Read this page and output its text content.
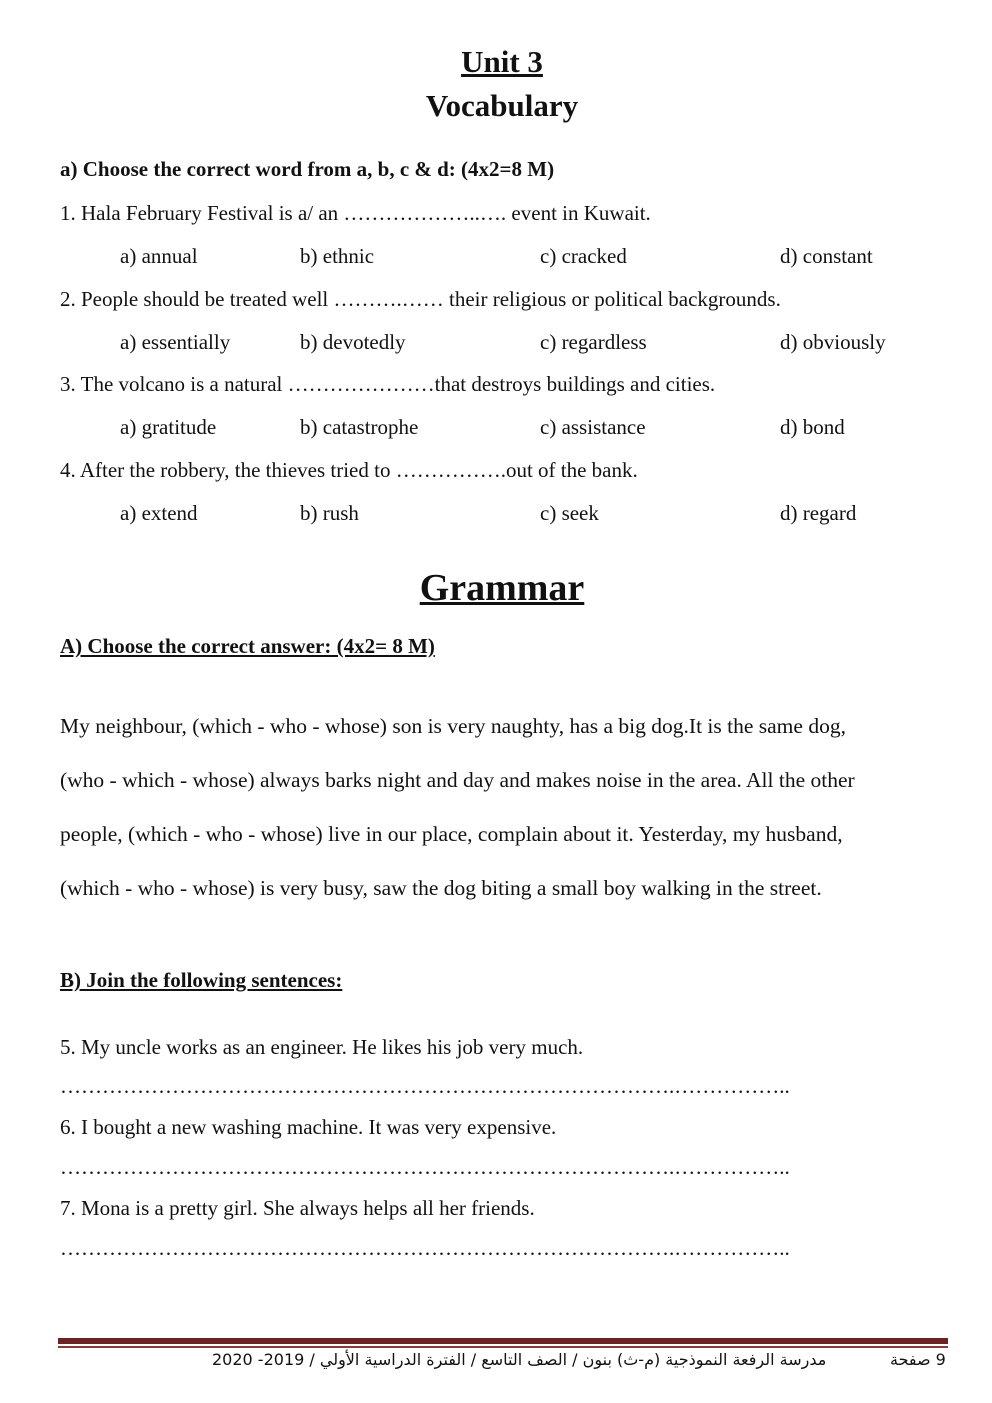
Unit 3
Vocabulary
a) Choose the correct word from a, b, c & d: (4x2=8 M)
1. Hala February Festival is a/ an ………………..…. event in Kuwait.
a) annual	b) ethnic	c) cracked	d) constant
2. People should be treated well ……….…… their religious or political backgrounds.
a) essentially	b) devotedly	c) regardless	d) obviously
3. The volcano is a natural …………………that destroys buildings and cities.
a) gratitude	b) catastrophe	c) assistance	d) bond
4. After the robbery, the thieves tried to …………….out of the bank.
a) extend	b) rush	c) seek	d) regard
Grammar
A) Choose the correct answer: (4x2= 8 M)
My neighbour, (which - who - whose) son is very naughty, has a big dog.It is the same dog,
(who - which - whose) always barks night and day and makes noise in the area. All the other
people, (which - who - whose) live in our place, complain about it. Yesterday, my husband,
(which - who - whose) is very busy, saw the dog biting a small boy walking in the street.
B) Join the following sentences:
5. My uncle works as an engineer. He likes his job very much.
…………………………………………………………………………….……………..
6. I bought a new washing machine. It was very expensive.
…………………………………………………………………………….……………..
7. Mona is a pretty girl. She always helps all her friends.
…………………………………………………………………………….……………..
مدرسة الرفعة النموذجية (م-ث) بنون / الصف التاسع / الفترة الدراسية الأولي / 2019- 2020	9 صفحة
